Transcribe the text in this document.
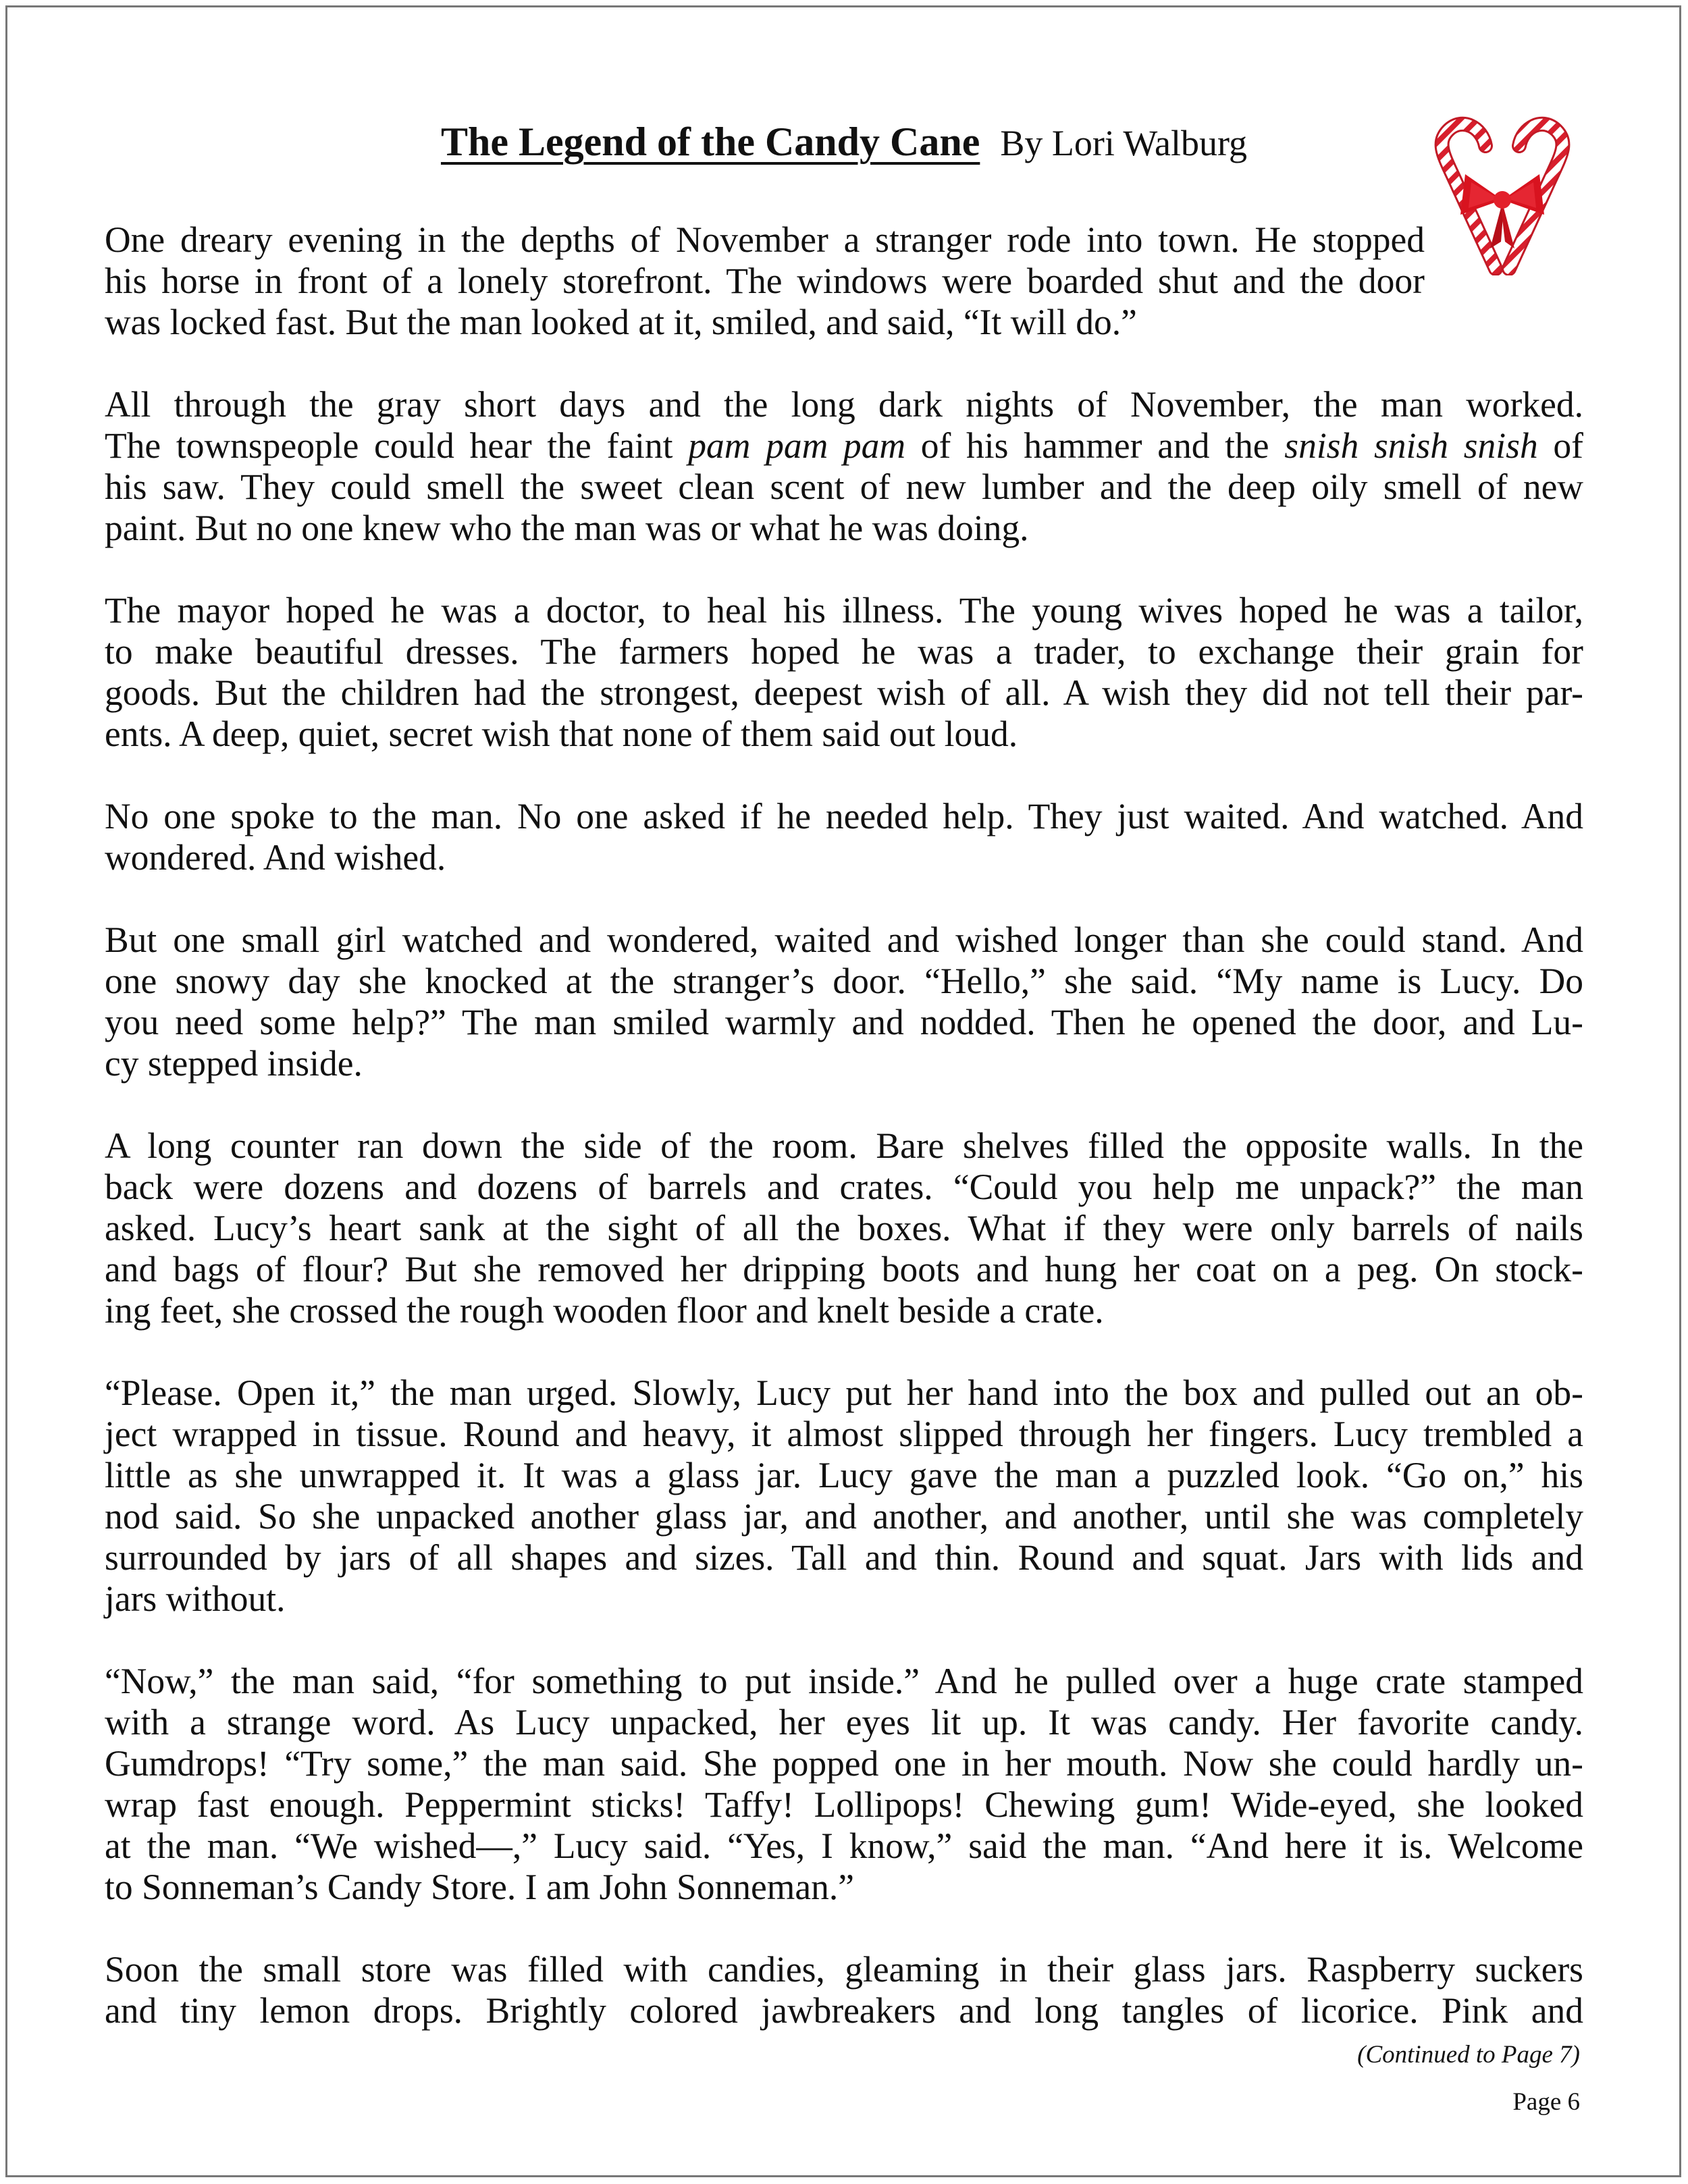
The Legend of the Candy Cane By Lori Walburg

One dreary evening in the depths of November a stranger rode into town. He stopped
his horse in front of a lonely storefront. The windows were boarded shut and the door
was locked fast. But the man looked at it, smiled, and said, “It will do.”

All through the gray short days and the long dark nights of November, the man worked.
The townspeople could hear the faint pam pam pam of his hammer and the snish snish snish of
his saw. They could smell the sweet clean scent of new lumber and the deep oily smell of new
paint. But no one knew who the man was or what he was doing.

The mayor hoped he was a doctor, to heal his illness. The young wives hoped he was a tailor,
to make beautiful dresses. The farmers hoped he was a trader, to exchange their grain for
goods. But the children had the strongest, deepest wish of all. A wish they did not tell their par-
ents. A deep, quiet, secret wish that none of them said out loud.

No one spoke to the man. No one asked if he needed help. They just waited. And watched. And
wondered. And wished.

But one small girl watched and wondered, waited and wished longer than she could stand. And
one snowy day she knocked at the stranger’s door. “Hello,” she said. “My name is Lucy. Do
you need some help?” The man smiled warmly and nodded. Then he opened the door, and Lu-
cy stepped inside.

A long counter ran down the side of the room. Bare shelves filled the opposite walls. In the
back were dozens and dozens of barrels and crates. “Could you help me unpack?” the man
asked. Lucy’s heart sank at the sight of all the boxes. What if they were only barrels of nails
and bags of flour? But she removed her dripping boots and hung her coat on a peg. On stock-
ing feet, she crossed the rough wooden floor and knelt beside a crate.

“Please. Open it,” the man urged. Slowly, Lucy put her hand into the box and pulled out an ob-
ject wrapped in tissue. Round and heavy, it almost slipped through her fingers. Lucy trembled a
little as she unwrapped it. It was a glass jar. Lucy gave the man a puzzled look. “Go on,” his
nod said. So she unpacked another glass jar, and another, and another, until she was completely
surrounded by jars of all shapes and sizes. Tall and thin. Round and squat. Jars with lids and
jars without.

“Now,” the man said, “for something to put inside.” And he pulled over a huge crate stamped
with a strange word. As Lucy unpacked, her eyes lit up. It was candy. Her favorite candy.
Gumdrops! “Try some,” the man said. She popped one in her mouth. Now she could hardly un-
wrap fast enough. Peppermint sticks! Taffy! Lollipops! Chewing gum! Wide-eyed, she looked
at the man. “We wished—,” Lucy said. “Yes, I know,” said the man. “And here it is. Welcome
to Sonneman’s Candy Store. I am John Sonneman.”

Soon the small store was filled with candies, gleaming in their glass jars. Raspberry suckers
and tiny lemon drops. Brightly colored jawbreakers and long tangles of licorice. Pink and

(Continued to Page 7)
Page 6
